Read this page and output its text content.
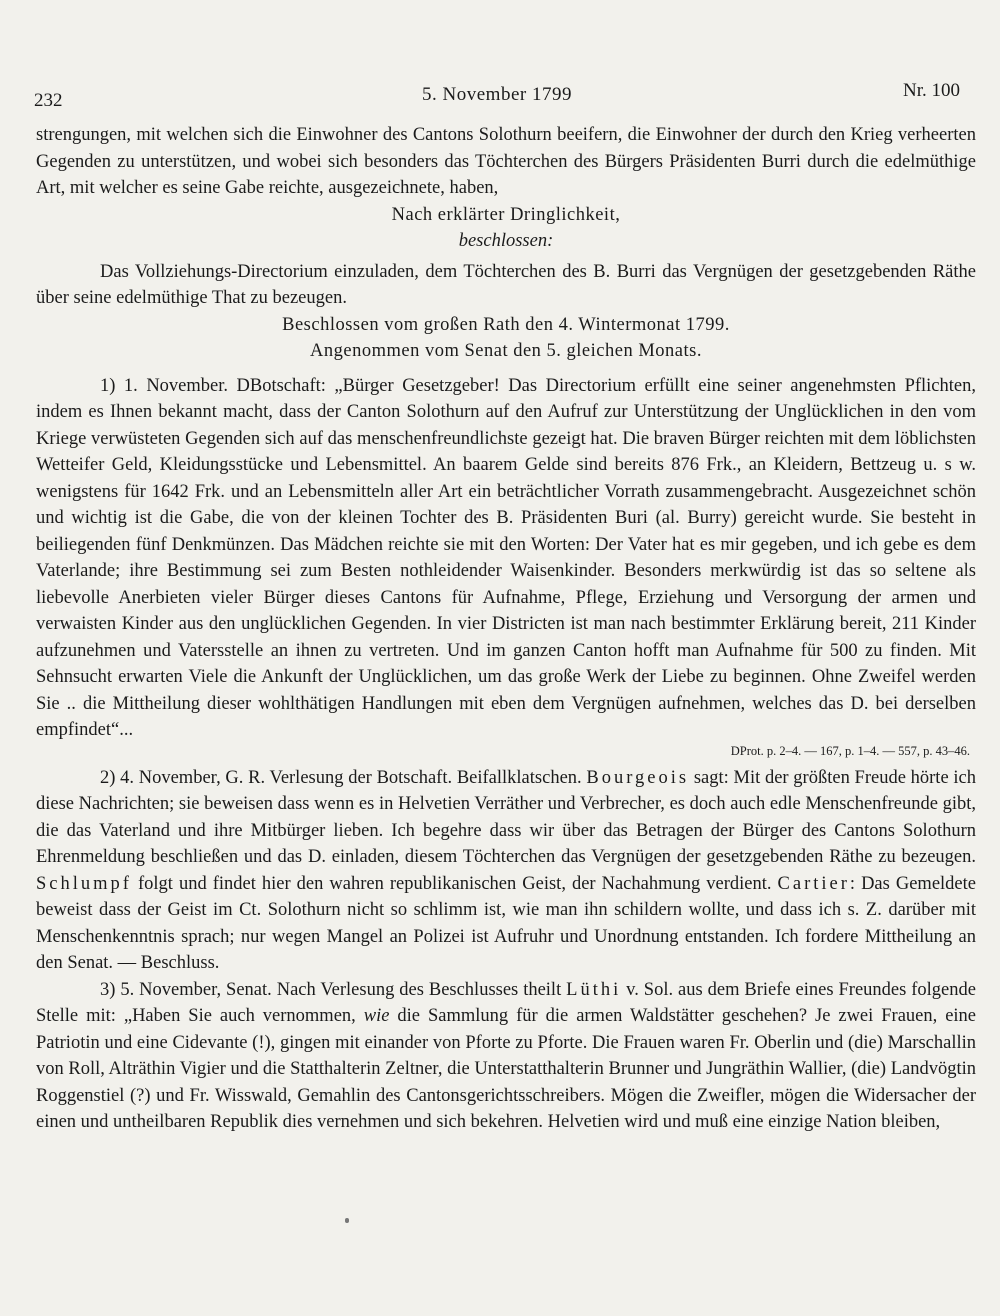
232	5. November 1799	Nr. 100

strengungen, mit welchen sich die Einwohner des Cantons Solothurn beeifern, die Einwohner der durch den Krieg verheerten Gegenden zu unterstützen, und wobei sich besonders das Töchterchen des Bürgers Präsidenten Burri durch die edelmüthige Art, mit welcher es seine Gabe reichte, ausgezeichnete, haben,

Nach erklärter Dringlichkeit,

beschlossen:

Das Vollziehungs-Directorium einzuladen, dem Töchterchen des B. Burri das Vergnügen der gesetzgebenden Räthe über seine edelmüthige That zu bezeugen.

Beschlossen vom großen Rath den 4. Wintermonat 1799.

Angenommen vom Senat den 5. gleichen Monats.

1) 1. November. DBotschaft: „Bürger Gesetzgeber! Das Directorium erfüllt eine seiner angenehmsten Pflichten, indem es Ihnen bekannt macht, dass der Canton Solothurn auf den Aufruf zur Unterstützung der Unglücklichen in den vom Kriege verwüsteten Gegenden sich auf das menschenfreundlichste gezeigt hat. Die braven Bürger reichten mit dem löblichsten Wetteifer Geld, Kleidungsstücke und Lebensmittel. An baarem Gelde sind bereits 876 Frk., an Kleidern, Bettzeug u. s w. wenigstens für 1642 Frk. und an Lebensmitteln aller Art ein beträchtlicher Vorrath zusammengebracht. Ausgezeichnet schön und wichtig ist die Gabe, die von der kleinen Tochter des B. Präsidenten Buri (al. Burry) gereicht wurde. Sie besteht in beiliegenden fünf Denkmünzen. Das Mädchen reichte sie mit den Worten: Der Vater hat es mir gegeben, und ich gebe es dem Vaterlande; ihre Bestimmung sei zum Besten nothleidender Waisenkinder. Besonders merkwürdig ist das so seltene als liebevolle Anerbieten vieler Bürger dieses Cantons für Aufnahme, Pflege, Erziehung und Versorgung der armen und verwaisten Kinder aus den unglücklichen Gegenden. In vier Districten ist man nach bestimmter Erklärung bereit, 211 Kinder aufzunehmen und Vatersstelle an ihnen zu vertreten. Und im ganzen Canton hofft man Aufnahme für 500 zu finden. Mit Sehnsucht erwarten Viele die Ankunft der Unglücklichen, um das große Werk der Liebe zu beginnen. Ohne Zweifel werden Sie .. die Mittheilung dieser wohlthätigen Handlungen mit eben dem Vergnügen aufnehmen, welches das D. bei derselben empfindet“...

DProt. p. 2–4. — 167, p. 1–4. — 557, p. 43–46.

2) 4. November, G. R. Verlesung der Botschaft. Beifallklatschen. Bourgeois sagt: Mit der größten Freude hörte ich diese Nachrichten; sie beweisen dass wenn es in Helvetien Verräther und Verbrecher, es doch auch edle Menschenfreunde gibt, die das Vaterland und ihre Mitbürger lieben. Ich begehre dass wir über das Betragen der Bürger des Cantons Solothurn Ehrenmeldung beschließen und das D. einladen, diesem Töchterchen das Vergnügen der gesetzgebenden Räthe zu bezeugen. Schlumpf folgt und findet hier den wahren republikanischen Geist, der Nachahmung verdient. Cartier: Das Gemeldete beweist dass der Geist im Ct. Solothurn nicht so schlimm ist, wie man ihn schildern wollte, und dass ich s. Z. darüber mit Menschenkenntnis sprach; nur wegen Mangel an Polizei ist Aufruhr und Unordnung entstanden. Ich fordere Mittheilung an den Senat. — Beschluss.

3) 5. November, Senat. Nach Verlesung des Beschlusses theilt Lüthi v. Sol. aus dem Briefe eines Freundes folgende Stelle mit: „Haben Sie auch vernommen, wie die Sammlung für die armen Waldstätter geschehen? Je zwei Frauen, eine Patriotin und eine Cidevante (!), gingen mit einander von Pforte zu Pforte. Die Frauen waren Fr. Oberlin und (die) Marschallin von Roll, Alträthin Vigier und die Statthalterin Zeltner, die Unterstatthalterin Brunner und Jungräthin Wallier, (die) Landvögtin Roggenstiel (?) und Fr. Wisswald, Gemahlin des Cantonsgerichtsschreibers. Mögen die Zweifler, mögen die Widersacher der einen und untheilbaren Republik dies vernehmen und sich bekehren. Helvetien wird und muß eine einzige Nation bleiben,
